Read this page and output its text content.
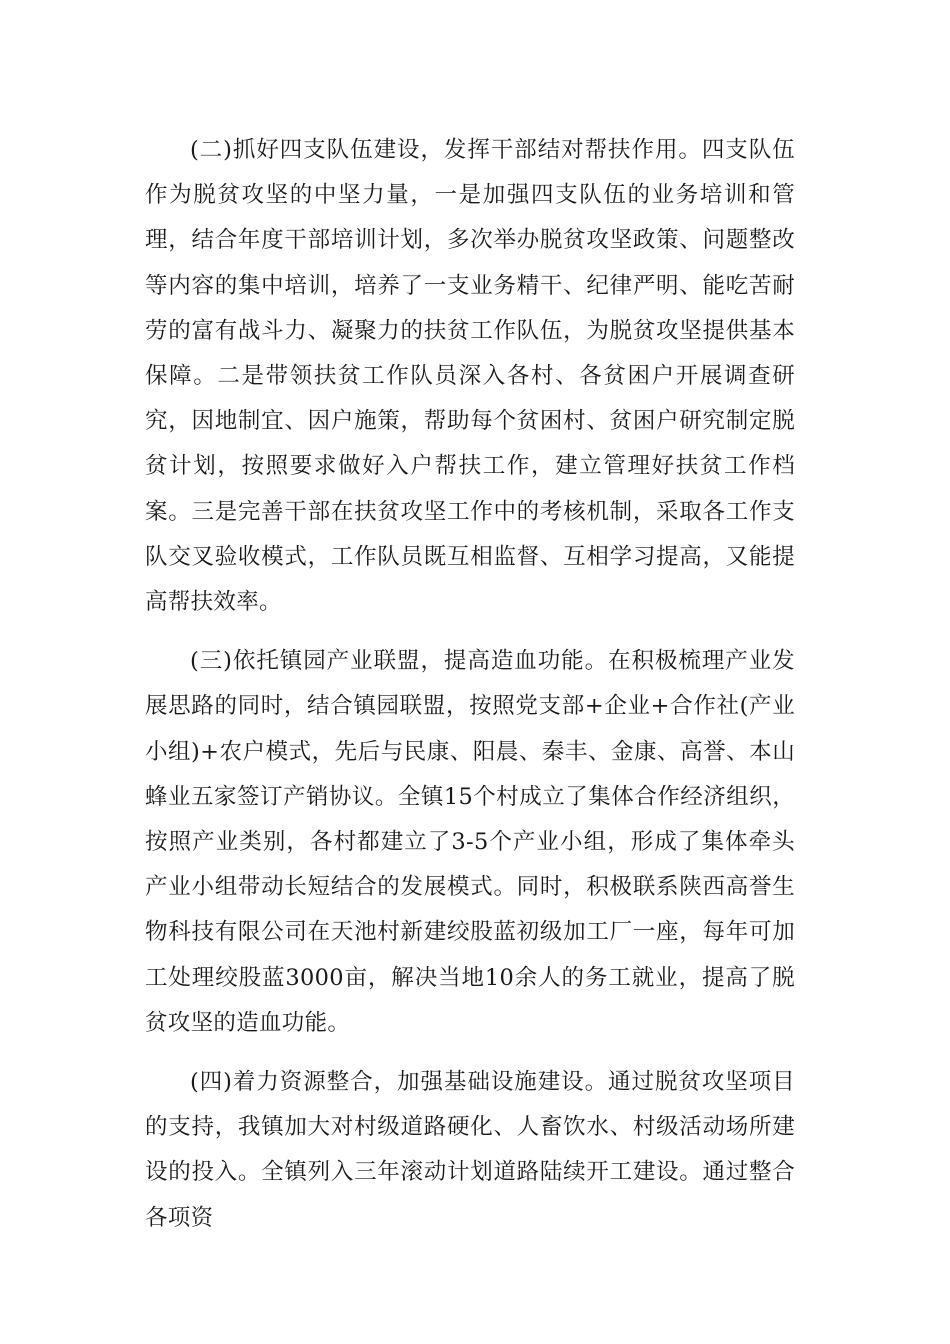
(二)抓好四支队伍建设，发挥干部结对帮扶作用。四支队伍作为脱贫攻坚的中坚力量，一是加强四支队伍的业务培训和管理，结合年度干部培训计划，多次举办脱贫攻坚政策、问题整改等内容的集中培训，培养了一支业务精干、纪律严明、能吃苦耐劳的富有战斗力、凝聚力的扶贫工作队伍，为脱贫攻坚提供基本保障。二是带领扶贫工作队员深入各村、各贫困户开展调查研究，因地制宜、因户施策，帮助每个贫困村、贫困户研究制定脱贫计划，按照要求做好入户帮扶工作，建立管理好扶贫工作档案。三是完善干部在扶贫攻坚工作中的考核机制，采取各工作支队交叉验收模式，工作队员既互相监督、互相学习提高，又能提高帮扶效率。

(三)依托镇园产业联盟，提高造血功能。在积极梳理产业发展思路的同时，结合镇园联盟，按照党支部+企业+合作社(产业小组)+农户模式，先后与民康、阳晨、秦丰、金康、高誉、本山蜂业五家签订产销协议。全镇15个村成立了集体合作经济组织，按照产业类别，各村都建立了3-5个产业小组，形成了集体牵头产业小组带动长短结合的发展模式。同时，积极联系陕西高誉生物科技有限公司在天池村新建绞股蓝初级加工厂一座，每年可加工处理绞股蓝3000亩，解决当地10余人的务工就业，提高了脱贫攻坚的造血功能。

(四)着力资源整合，加强基础设施建设。通过脱贫攻坚项目的支持，我镇加大对村级道路硬化、人畜饮水、村级活动场所建设的投入。全镇列入三年滚动计划道路陆续开工建设。通过整合各项资
